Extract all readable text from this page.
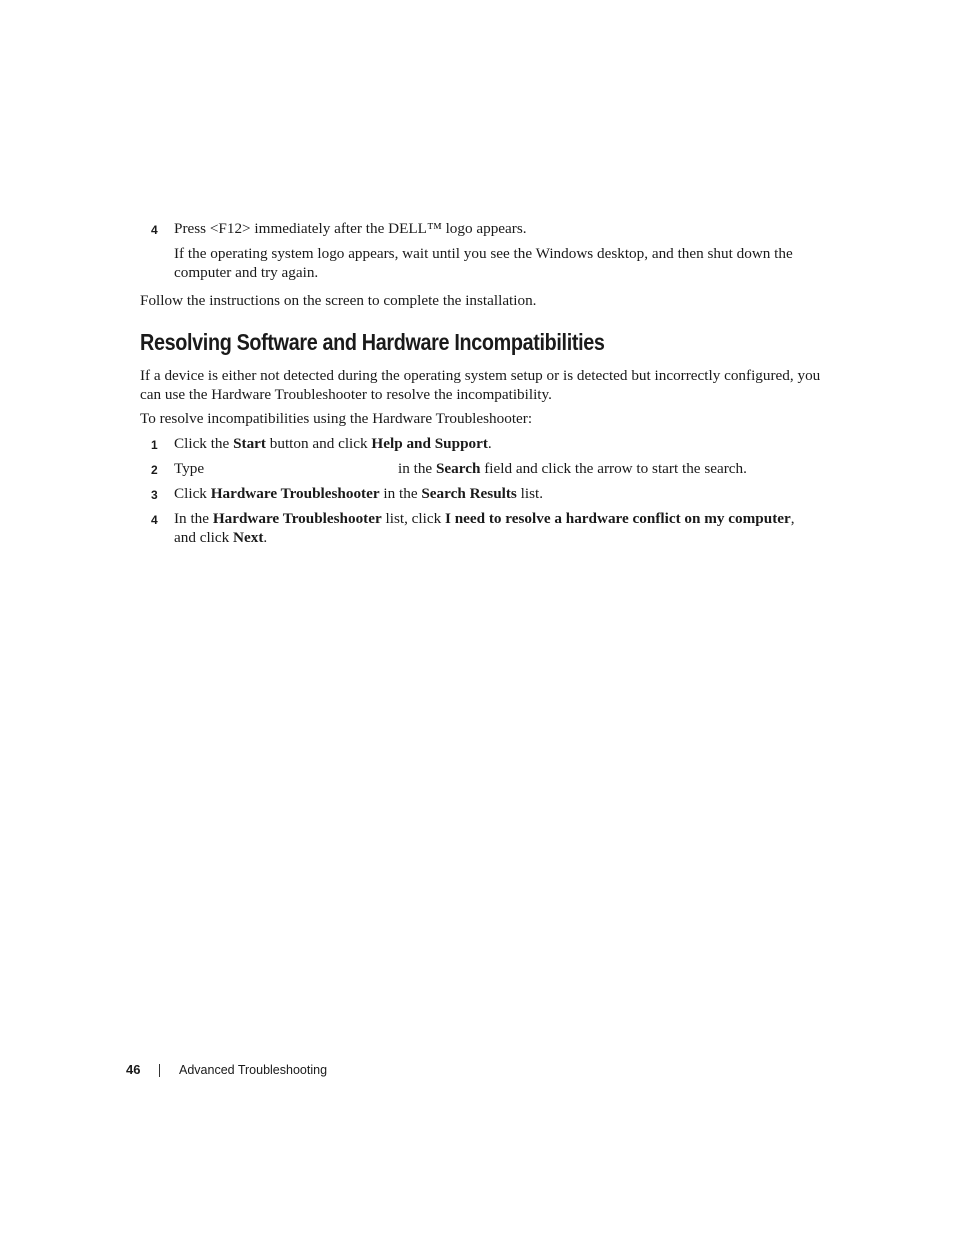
4 Press <F12> immediately after the DELL™ logo appears.
If the operating system logo appears, wait until you see the Windows desktop, and then shut down the computer and try again.
Follow the instructions on the screen to complete the installation.
Resolving Software and Hardware Incompatibilities
If a device is either not detected during the operating system setup or is detected but incorrectly configured, you can use the Hardware Troubleshooter to resolve the incompatibility.
To resolve incompatibilities using the Hardware Troubleshooter:
1 Click the Start button and click Help and Support.
2 Type	in the Search field and click the arrow to start the search.
3 Click Hardware Troubleshooter in the Search Results list.
4 In the Hardware Troubleshooter list, click I need to resolve a hardware conflict on my computer, and click Next.
46	Advanced Troubleshooting
